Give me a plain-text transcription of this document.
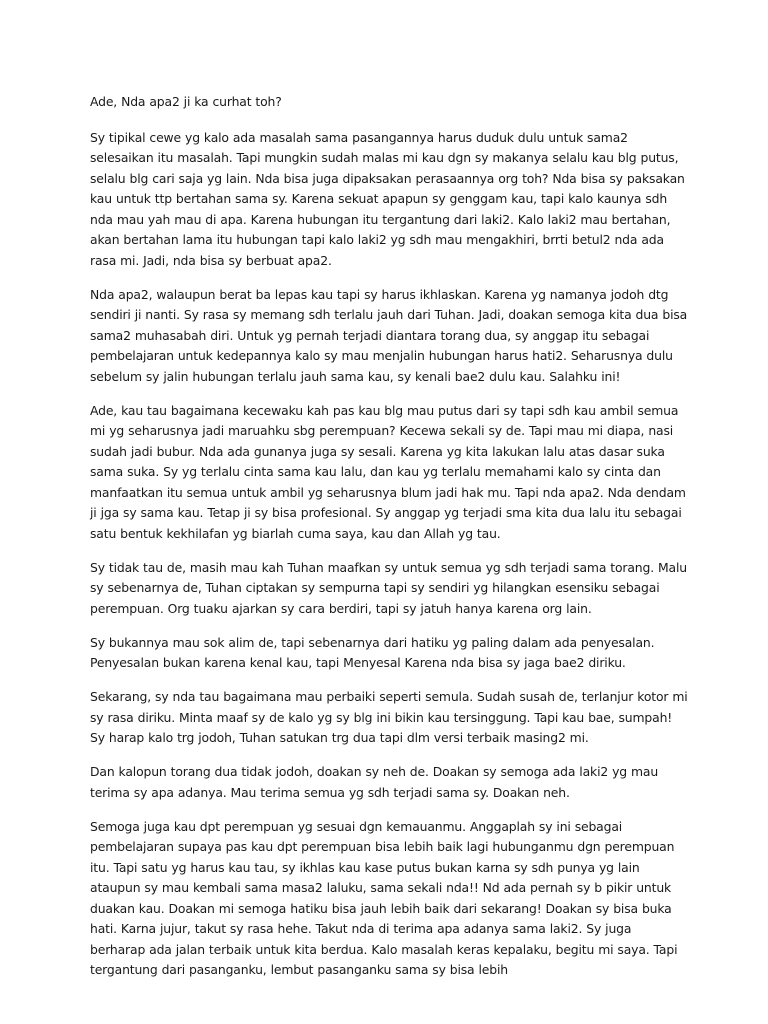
Ade, Nda apa2 ji ka curhat toh?

Sy tipikal cewe yg kalo ada masalah sama pasangannya harus duduk dulu untuk sama2 selesaikan itu masalah. Tapi mungkin sudah malas mi kau dgn sy makanya selalu kau blg putus, selalu blg cari saja yg lain. Nda bisa juga dipaksakan perasaannya org toh? Nda bisa sy paksakan kau untuk ttp bertahan sama sy. Karena sekuat apapun sy genggam kau, tapi kalo kaunya sdh nda mau yah mau di apa. Karena hubungan itu tergantung dari laki2. Kalo laki2 mau bertahan, akan bertahan lama itu hubungan tapi kalo laki2 yg sdh mau mengakhiri, brrti betul2 nda ada rasa mi. Jadi, nda bisa sy berbuat apa2.

Nda apa2, walaupun berat ba lepas kau tapi sy harus ikhlaskan. Karena yg namanya jodoh dtg sendiri ji nanti. Sy rasa sy memang sdh terlalu jauh dari Tuhan. Jadi, doakan semoga kita dua bisa sama2 muhasabah diri. Untuk yg pernah terjadi diantara torang dua, sy anggap itu sebagai pembelajaran untuk kedepannya kalo sy mau menjalin hubungan harus hati2. Seharusnya dulu sebelum sy jalin hubungan terlalu jauh sama kau, sy kenali bae2 dulu kau. Salahku ini!

Ade, kau tau bagaimana kecewaku kah pas kau blg mau putus dari sy tapi sdh kau ambil semua mi yg seharusnya jadi maruahku sbg perempuan? Kecewa sekali sy de. Tapi mau mi diapa, nasi sudah jadi bubur. Nda ada gunanya juga sy sesali. Karena yg kita lakukan lalu atas dasar suka sama suka. Sy yg terlalu cinta sama kau lalu, dan kau yg terlalu memahami kalo sy cinta dan manfaatkan itu semua untuk ambil yg seharusnya blum jadi hak mu. Tapi nda apa2. Nda dendam ji jga sy sama kau. Tetap ji sy bisa profesional. Sy anggap yg terjadi sma kita dua lalu itu sebagai satu bentuk kekhilafan yg biarlah cuma saya, kau dan Allah yg tau.

Sy tidak tau de, masih mau kah Tuhan maafkan sy untuk semua yg sdh terjadi sama torang. Malu sy sebenarnya de, Tuhan ciptakan sy sempurna tapi sy sendiri yg hilangkan esensiku sebagai perempuan. Org tuaku ajarkan sy cara berdiri, tapi sy jatuh hanya karena org lain.

Sy bukannya mau sok alim de, tapi sebenarnya dari hatiku yg paling dalam ada penyesalan. Penyesalan bukan karena kenal kau, tapi Menyesal Karena nda bisa sy jaga bae2 diriku.

Sekarang, sy nda tau bagaimana mau perbaiki seperti semula. Sudah susah de, terlanjur kotor mi sy rasa diriku. Minta maaf sy de kalo yg sy blg ini bikin kau tersinggung. Tapi kau bae, sumpah! Sy harap kalo trg jodoh, Tuhan satukan trg dua tapi dlm versi terbaik masing2 mi.

Dan kalopun torang dua tidak jodoh, doakan sy neh de. Doakan sy semoga ada laki2 yg mau terima sy apa adanya. Mau terima semua yg sdh terjadi sama sy. Doakan neh.

Semoga juga kau dpt perempuan yg sesuai dgn kemauanmu. Anggaplah sy ini sebagai pembelajaran supaya pas kau dpt perempuan bisa lebih baik lagi hubunganmu dgn perempuan itu. Tapi satu yg harus kau tau, sy ikhlas kau kase putus bukan karna sy sdh punya yg lain ataupun sy mau kembali sama masa2 laluku, sama sekali nda!! Nd ada pernah sy b pikir untuk duakan kau. Doakan mi semoga hatiku bisa jauh lebih baik dari sekarang! Doakan sy bisa buka hati. Karna jujur, takut sy rasa hehe. Takut nda di terima apa adanya sama laki2. Sy juga berharap ada jalan terbaik untuk kita berdua. Kalo masalah keras kepalaku, begitu mi saya. Tapi tergantung dari pasanganku, lembut pasanganku sama sy bisa lebih
